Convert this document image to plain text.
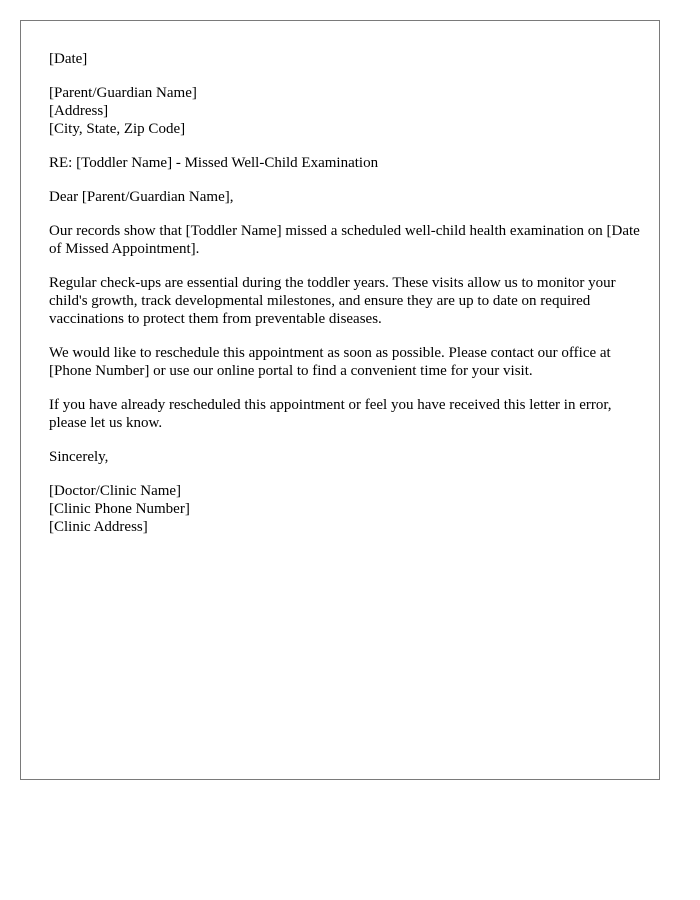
[Date]
[Parent/Guardian Name]
[Address]
[City, State, Zip Code]
RE: [Toddler Name] - Missed Well-Child Examination
Dear [Parent/Guardian Name],

Our records show that [Toddler Name] missed a scheduled well-child health examination on [Date of Missed Appointment].

Regular check-ups are essential during the toddler years. These visits allow us to monitor your child's growth, track developmental milestones, and ensure they are up to date on required vaccinations to protect them from preventable diseases.

We would like to reschedule this appointment as soon as possible. Please contact our office at [Phone Number] or use our online portal to find a convenient time for your visit.

If you have already rescheduled this appointment or feel you have received this letter in error, please let us know.

Sincerely,
[Doctor/Clinic Name]
[Clinic Phone Number]
[Clinic Address]
